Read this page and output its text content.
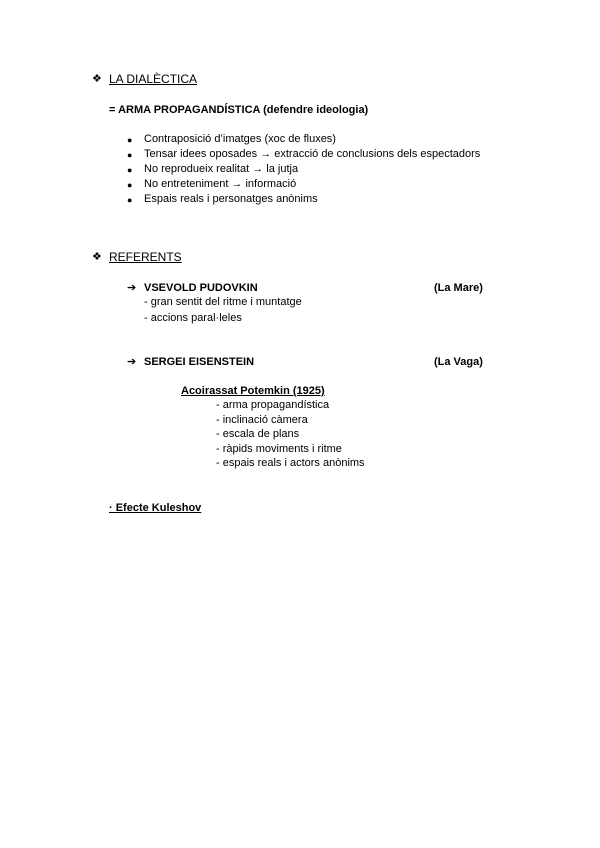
❖ LA DIALÈCTICA
= ARMA PROPAGANDÍSTICA (defendre ideologia)
● Contraposició d’imatges (xoc de fluxes)
● Tensar idees oposades → extracció de conclusions dels espectadors
● No reprodueix realitat → la jutja
● No entreteniment → informació
● Espais reals i personatges anònims
❖ REFERENTS
➔ VSEVOLD PUDOVKIN	(La Mare)
- gran sentit del ritme i muntatge
- accions paral·leles
➔ SERGEI EISENSTEIN	(La Vaga)
Acoirassat Potemkin (1925)
- arma propagandística
- inclinació càmera
- escala de plans
- ràpids moviments i ritme
- espais reals i actors anònims
· Efecte Kuleshov
